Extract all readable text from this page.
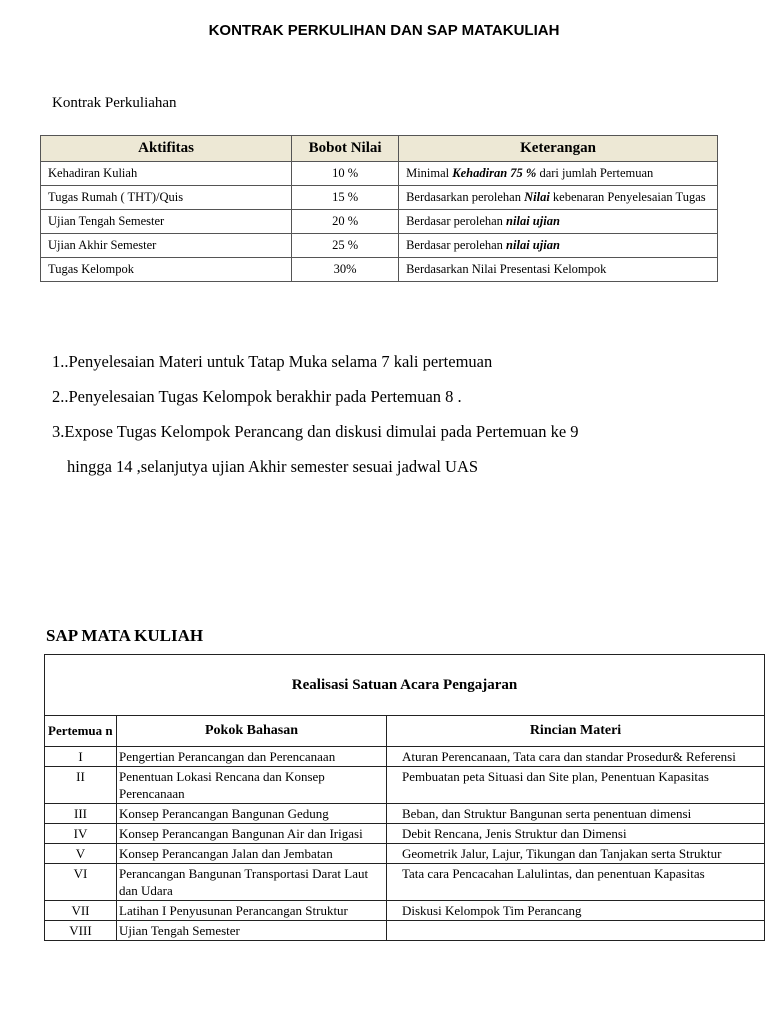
KONTRAK PERKULIHAN DAN SAP MATAKULIAH
Kontrak Perkuliahan
Aktifitas	Bobot Nilai	Keterangan
Kehadiran Kuliah	10 %	Minimal Kehadiran 75 % dari jumlah Pertemuan
Tugas Rumah ( THT)/Quis	15 %	Berdasarkan perolehan Nilai kebenaran Penyelesaian Tugas
Ujian Tengah Semester	20 %	Berdasar perolehan nilai ujian
Ujian Akhir Semester	25 %	Berdasar perolehan nilai ujian
Tugas Kelompok	30%	Berdasarkan Nilai Presentasi Kelompok
1..Penyelesaian Materi untuk Tatap Muka selama 7 kali pertemuan
2..Penyelesaian Tugas Kelompok berakhir pada Pertemuan 8 .
3.Expose Tugas Kelompok Perancang dan diskusi dimulai pada Pertemuan ke 9
hingga 14 ,selanjutya ujian Akhir semester sesuai jadwal UAS
SAP MATA KULIAH
Realisasi Satuan Acara Pengajaran		
Pertemua n	Pokok Bahasan	Rincian Materi
I	Pengertian Perancangan dan Perencanaan	Aturan Perencanaan, Tata cara dan standar Prosedur& Referensi
II	Penentuan Lokasi Rencana dan Konsep Perencanaan	Pembuatan peta Situasi dan Site plan, Penentuan Kapasitas
III	Konsep Perancangan Bangunan Gedung	Beban, dan Struktur Bangunan serta penentuan dimensi
IV	Konsep Perancangan Bangunan Air dan Irigasi	Debit Rencana, Jenis Struktur dan Dimensi
V	Konsep Perancangan Jalan dan Jembatan	Geometrik Jalur, Lajur, Tikungan dan Tanjakan serta Struktur
VI	Perancangan Bangunan Transportasi Darat Laut dan Udara	Tata cara Pencacahan Lalulintas, dan penentuan Kapasitas
VII	Latihan I Penyusunan Perancangan Struktur	Diskusi Kelompok Tim Perancang
VIII	Ujian Tengah Semester	
